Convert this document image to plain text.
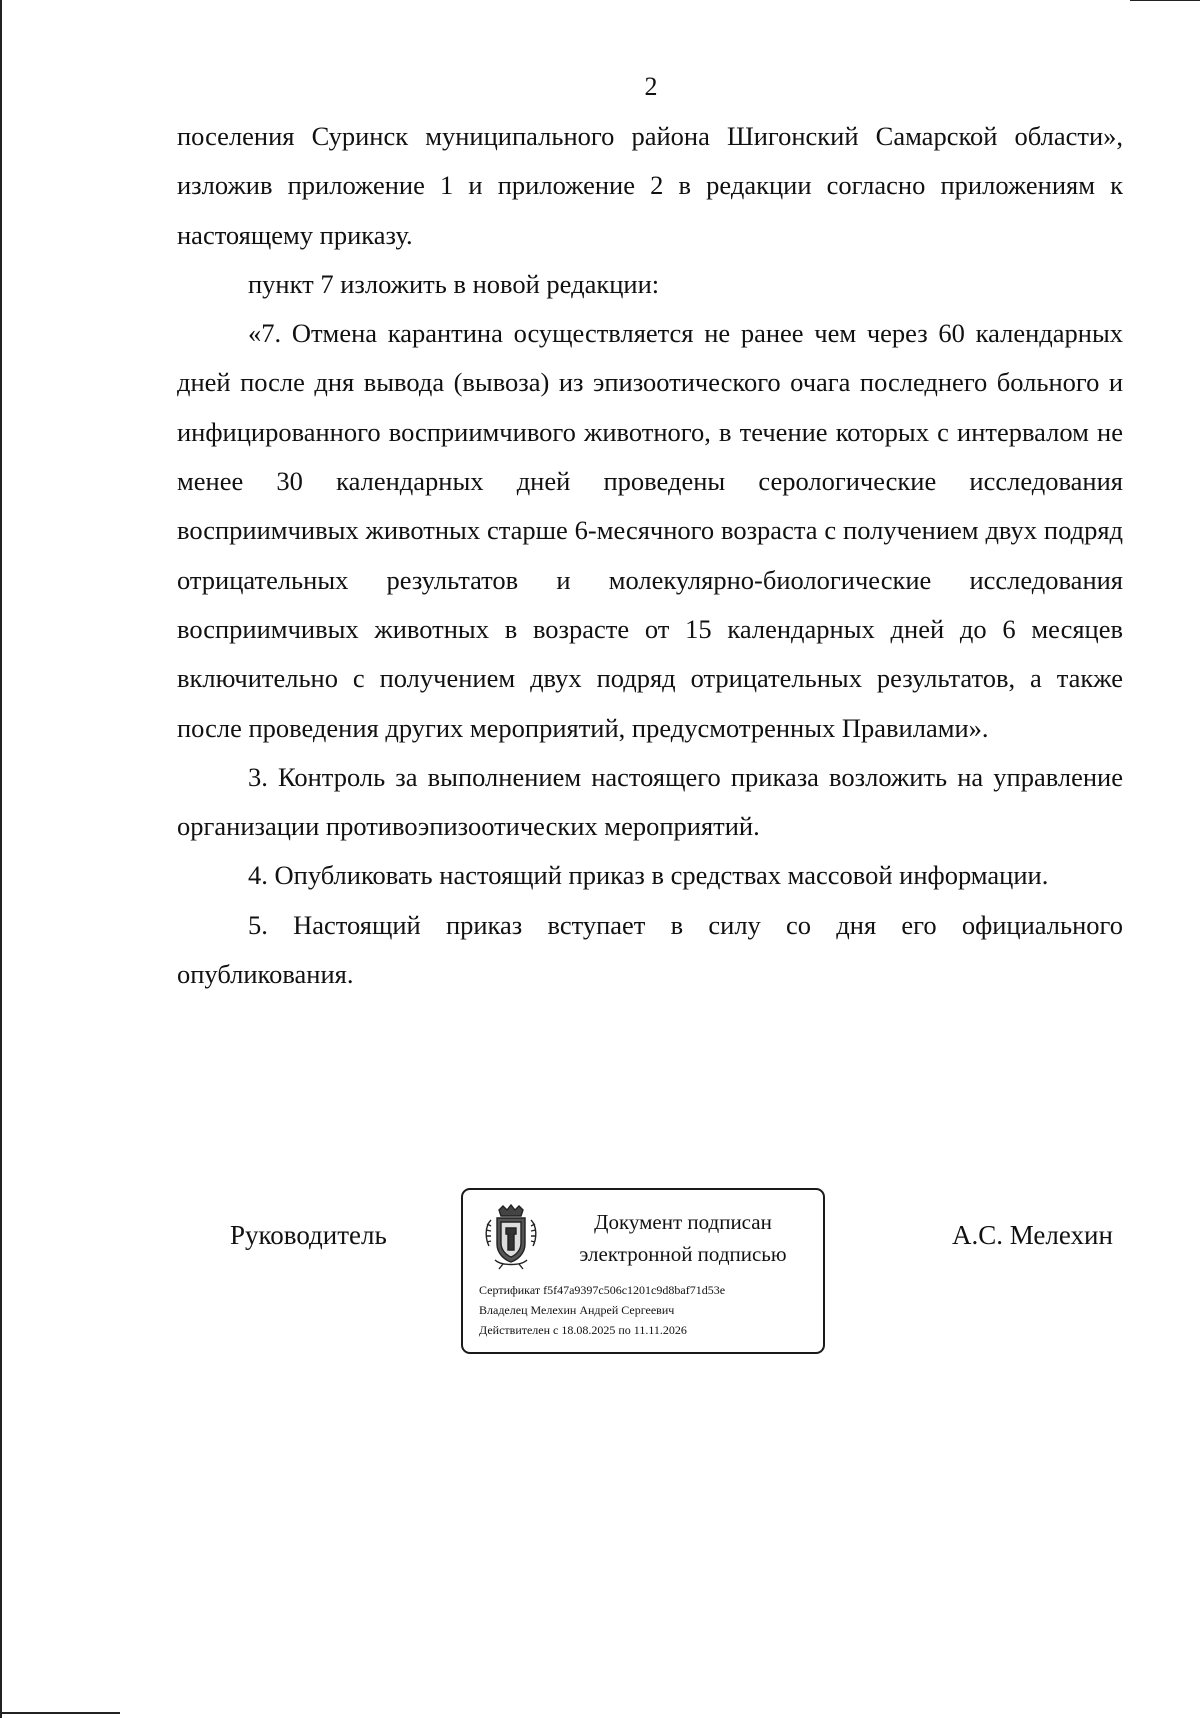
2

поселения Суринск муниципального района Шигонский Самарской области», изложив приложение 1 и приложение 2 в редакции согласно приложениям к настоящему приказу.

пункт 7 изложить в новой редакции:

«7. Отмена карантина осуществляется не ранее чем через 60 календарных дней после дня вывода (вывоза) из эпизоотического очага последнего больного и инфицированного восприимчивого животного, в течение которых с интервалом не менее 30 календарных дней проведены серологические исследования восприимчивых животных старше 6-месячного возраста с получением двух подряд отрицательных результатов и молекулярно-биологические исследования восприимчивых животных в возрасте от 15 календарных дней до 6 месяцев включительно с получением двух подряд отрицательных результатов, а также после проведения других мероприятий, предусмотренных Правилами».

3. Контроль за выполнением настоящего приказа возложить на управление организации противоэпизоотических мероприятий.

4. Опубликовать настоящий приказ в средствах массовой информации.

5. Настоящий приказ вступает в силу со дня его официального опубликования.

Руководитель	Документ подписан
электронной подписью
Сертификат f5f47a9397c506c1201c9d8baf71d53e
Владелец Мелехин Андрей Сергеевич
Действителен с 18.08.2025 по 11.11.2026
А.С. Мелехин
